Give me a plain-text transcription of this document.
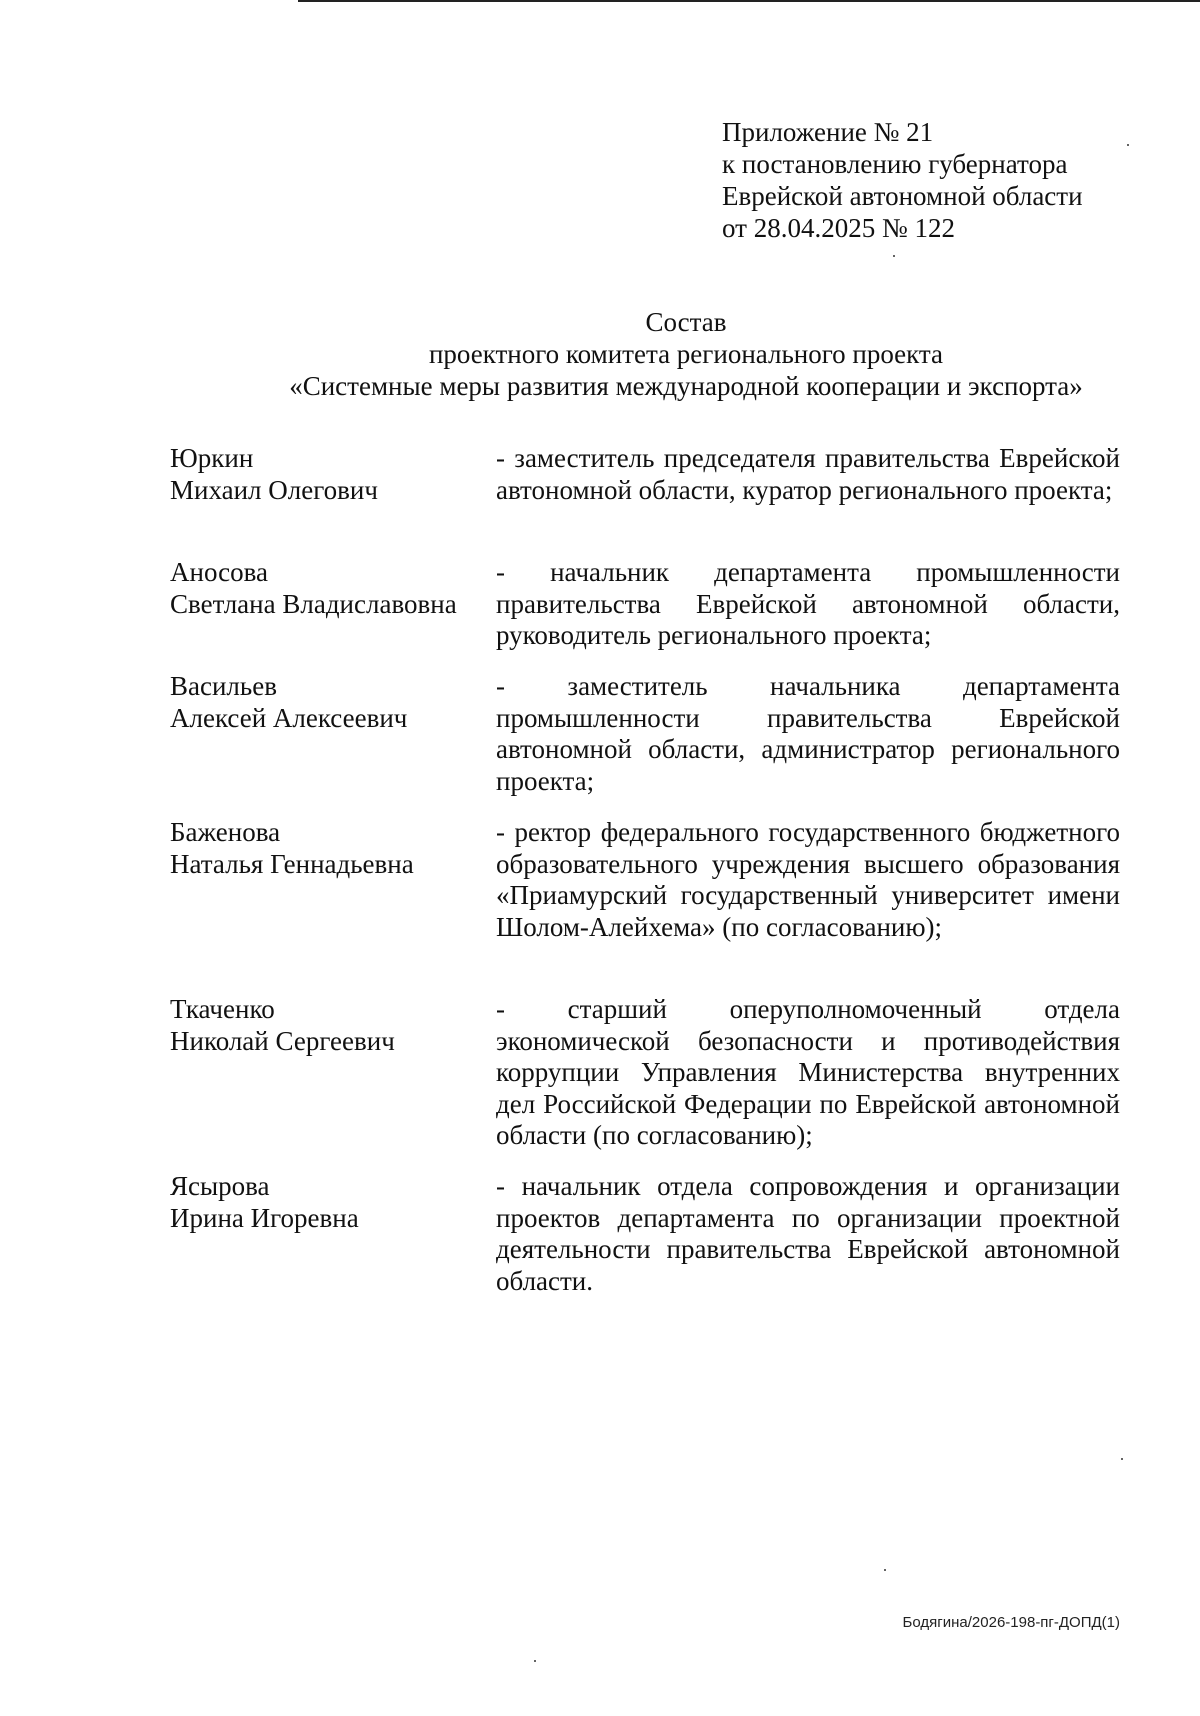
Приложение № 21
к постановлению губернатора
Еврейской автономной области
от 28.04.2025 № 122
Состав
проектного комитета регионального проекта
«Системные меры развития международной кооперации и экспорта»
Юркин
Михаил Олегович
- заместитель председателя правительства Еврейской автономной области, куратор регионального проекта;
Аносова
Светлана Владиславовна
- начальник департамента промышленности правительства Еврейской автономной области, руководитель регионального проекта;
Васильев
Алексей Алексеевич
- заместитель начальника департамента промышленности правительства Еврейской автономной области, администратор регионального проекта;
Баженова
Наталья Геннадьевна
- ректор федерального государственного бюджетного образовательного учреждения высшего образования «Приамурский государственный университет имени Шолом-Алейхема» (по согласованию);
Ткаченко
Николай Сергеевич
- старший оперуполномоченный отдела экономической безопасности и противодействия коррупции Управления Министерства внутренних дел Российской Федерации по Еврейской автономной области (по согласованию);
Ясырова
Ирина Игоревна
- начальник отдела сопровождения и организации проектов департамента по организации проектной деятельности правительства Еврейской автономной области.
Бодягина/2026-198-пг-ДОПД(1)
